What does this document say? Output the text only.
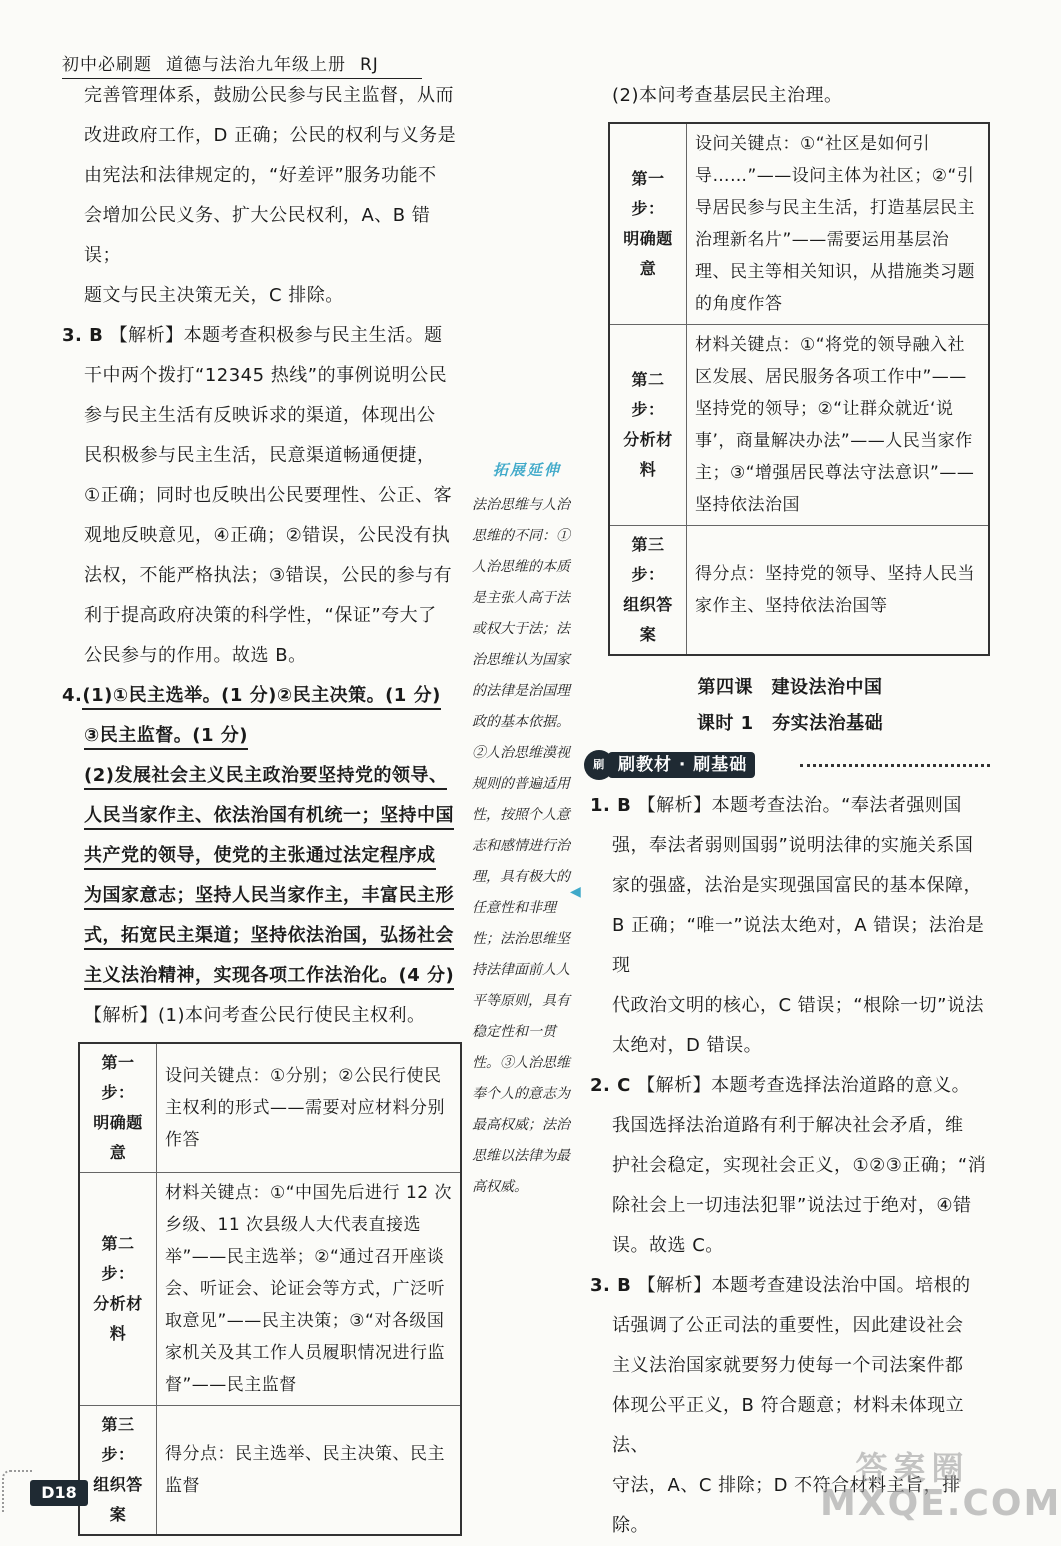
初中必刷题 道德与法治九年级上册 RJ

完善管理体系，鼓励公民参与民主监督，从而

改进政府工作，D 正确；公民的权利与义务是

由宪法和法律规定的，“好差评”服务功能不

会增加公民义务、扩大公民权利，A、B 错误；

题文与民主决策无关，C 排除。

3. B 【解析】本题考查积极参与民主生活。题

干中两个拨打“12345 热线”的事例说明公民

参与民主生活有反映诉求的渠道，体现出公

民积极参与民主生活，民意渠道畅通便捷，

①正确；同时也反映出公民要理性、公正、客

观地反映意见，④正确；②错误，公民没有执

法权，不能严格执法；③错误，公民的参与有

利于提高政府决策的科学性，“保证”夸大了

公民参与的作用。故选 B。

4.(1)①民主选举。(1 分)②民主决策。(1 分)

③民主监督。(1 分)

(2)发展社会主义民主政治要坚持党的领导、

人民当家作主、依法治国有机统一；坚持中国

共产党的领导，使党的主张通过法定程序成

为国家意志；坚持人民当家作主，丰富民主形

式，拓宽民主渠道；坚持依法治国，弘扬社会

主义法治精神，实现各项工作法治化。(4 分)

【解析】(1)本问考查公民行使民主权利。

第一步：
明确题意	设问关键点：①分别；②公民行使民主权利的形式——需要对应材料分别作答
第二步：
分析材料	材料关键点：①“中国先后进行 12 次乡级、11 次县级人大代表直接选举”——民主选举；②“通过召开座谈会、听证会、论证会等方式，广泛听取意见”——民主决策；③“对各级国家机关及其工作人员履职情况进行监督”——民主监督
第三步：
组织答案	得分点：民主选举、民主决策、民主监督
拓展延伸
法治思维与人治思维的不同：①人治思维的本质是主张人高于法或权大于法；法治思维认为国家的法律是治国理政的基本依据。②人治思维漠视规则的普遍适用性，按照个人意志和感情进行治理，具有极大的任意性和非理性；法治思维坚持法律面前人人平等原则，具有稳定性和一贯性。③人治思维奉个人的意志为最高权威；法治思维以法律为最高权威。
◀

(2)本问考查基层民主治理。

第一步：
明确题意	设问关键点：①“社区是如何引导……”——设问主体为社区；②“引导居民参与民主生活，打造基层民主治理新名片”——需要运用基层治理、民主等相关知识，从措施类习题的角度作答
第二步：
分析材料	材料关键点：①“将党的领导融入社区发展、居民服务各项工作中”——坚持党的领导；②“让群众就近‘说事’，商量解决办法”——人民当家作主；③“增强居民尊法守法意识”——坚持依法治国
第三步：
组织答案	得分点：坚持党的领导、坚持人民当家作主、坚持依法治国等
第四课　建设法治中国
课时 1　夯实法治基础
刷教材 · 刷基础
刷

1. B 【解析】本题考查法治。“奉法者强则国

强，奉法者弱则国弱”说明法律的实施关系国

家的强盛，法治是实现强国富民的基本保障，

B 正确；“唯一”说法太绝对，A 错误；法治是现

代政治文明的核心，C 错误；“根除一切”说法

太绝对，D 错误。

2. C 【解析】本题考查选择法治道路的意义。

我国选择法治道路有利于解决社会矛盾，维

护社会稳定，实现社会正义，①②③正确；“消

除社会上一切违法犯罪”说法过于绝对，④错

误。故选 C。

3. B 【解析】本题考查建设法治中国。培根的

话强调了公正司法的重要性，因此建设社会

主义法治国家就要努力使每一个司法案件都

体现公平正义，B 符合题意；材料未体现立法、

守法，A、C 排除；D 不符合材料主旨，排除。

D18
答案圈
MXQE.COM
